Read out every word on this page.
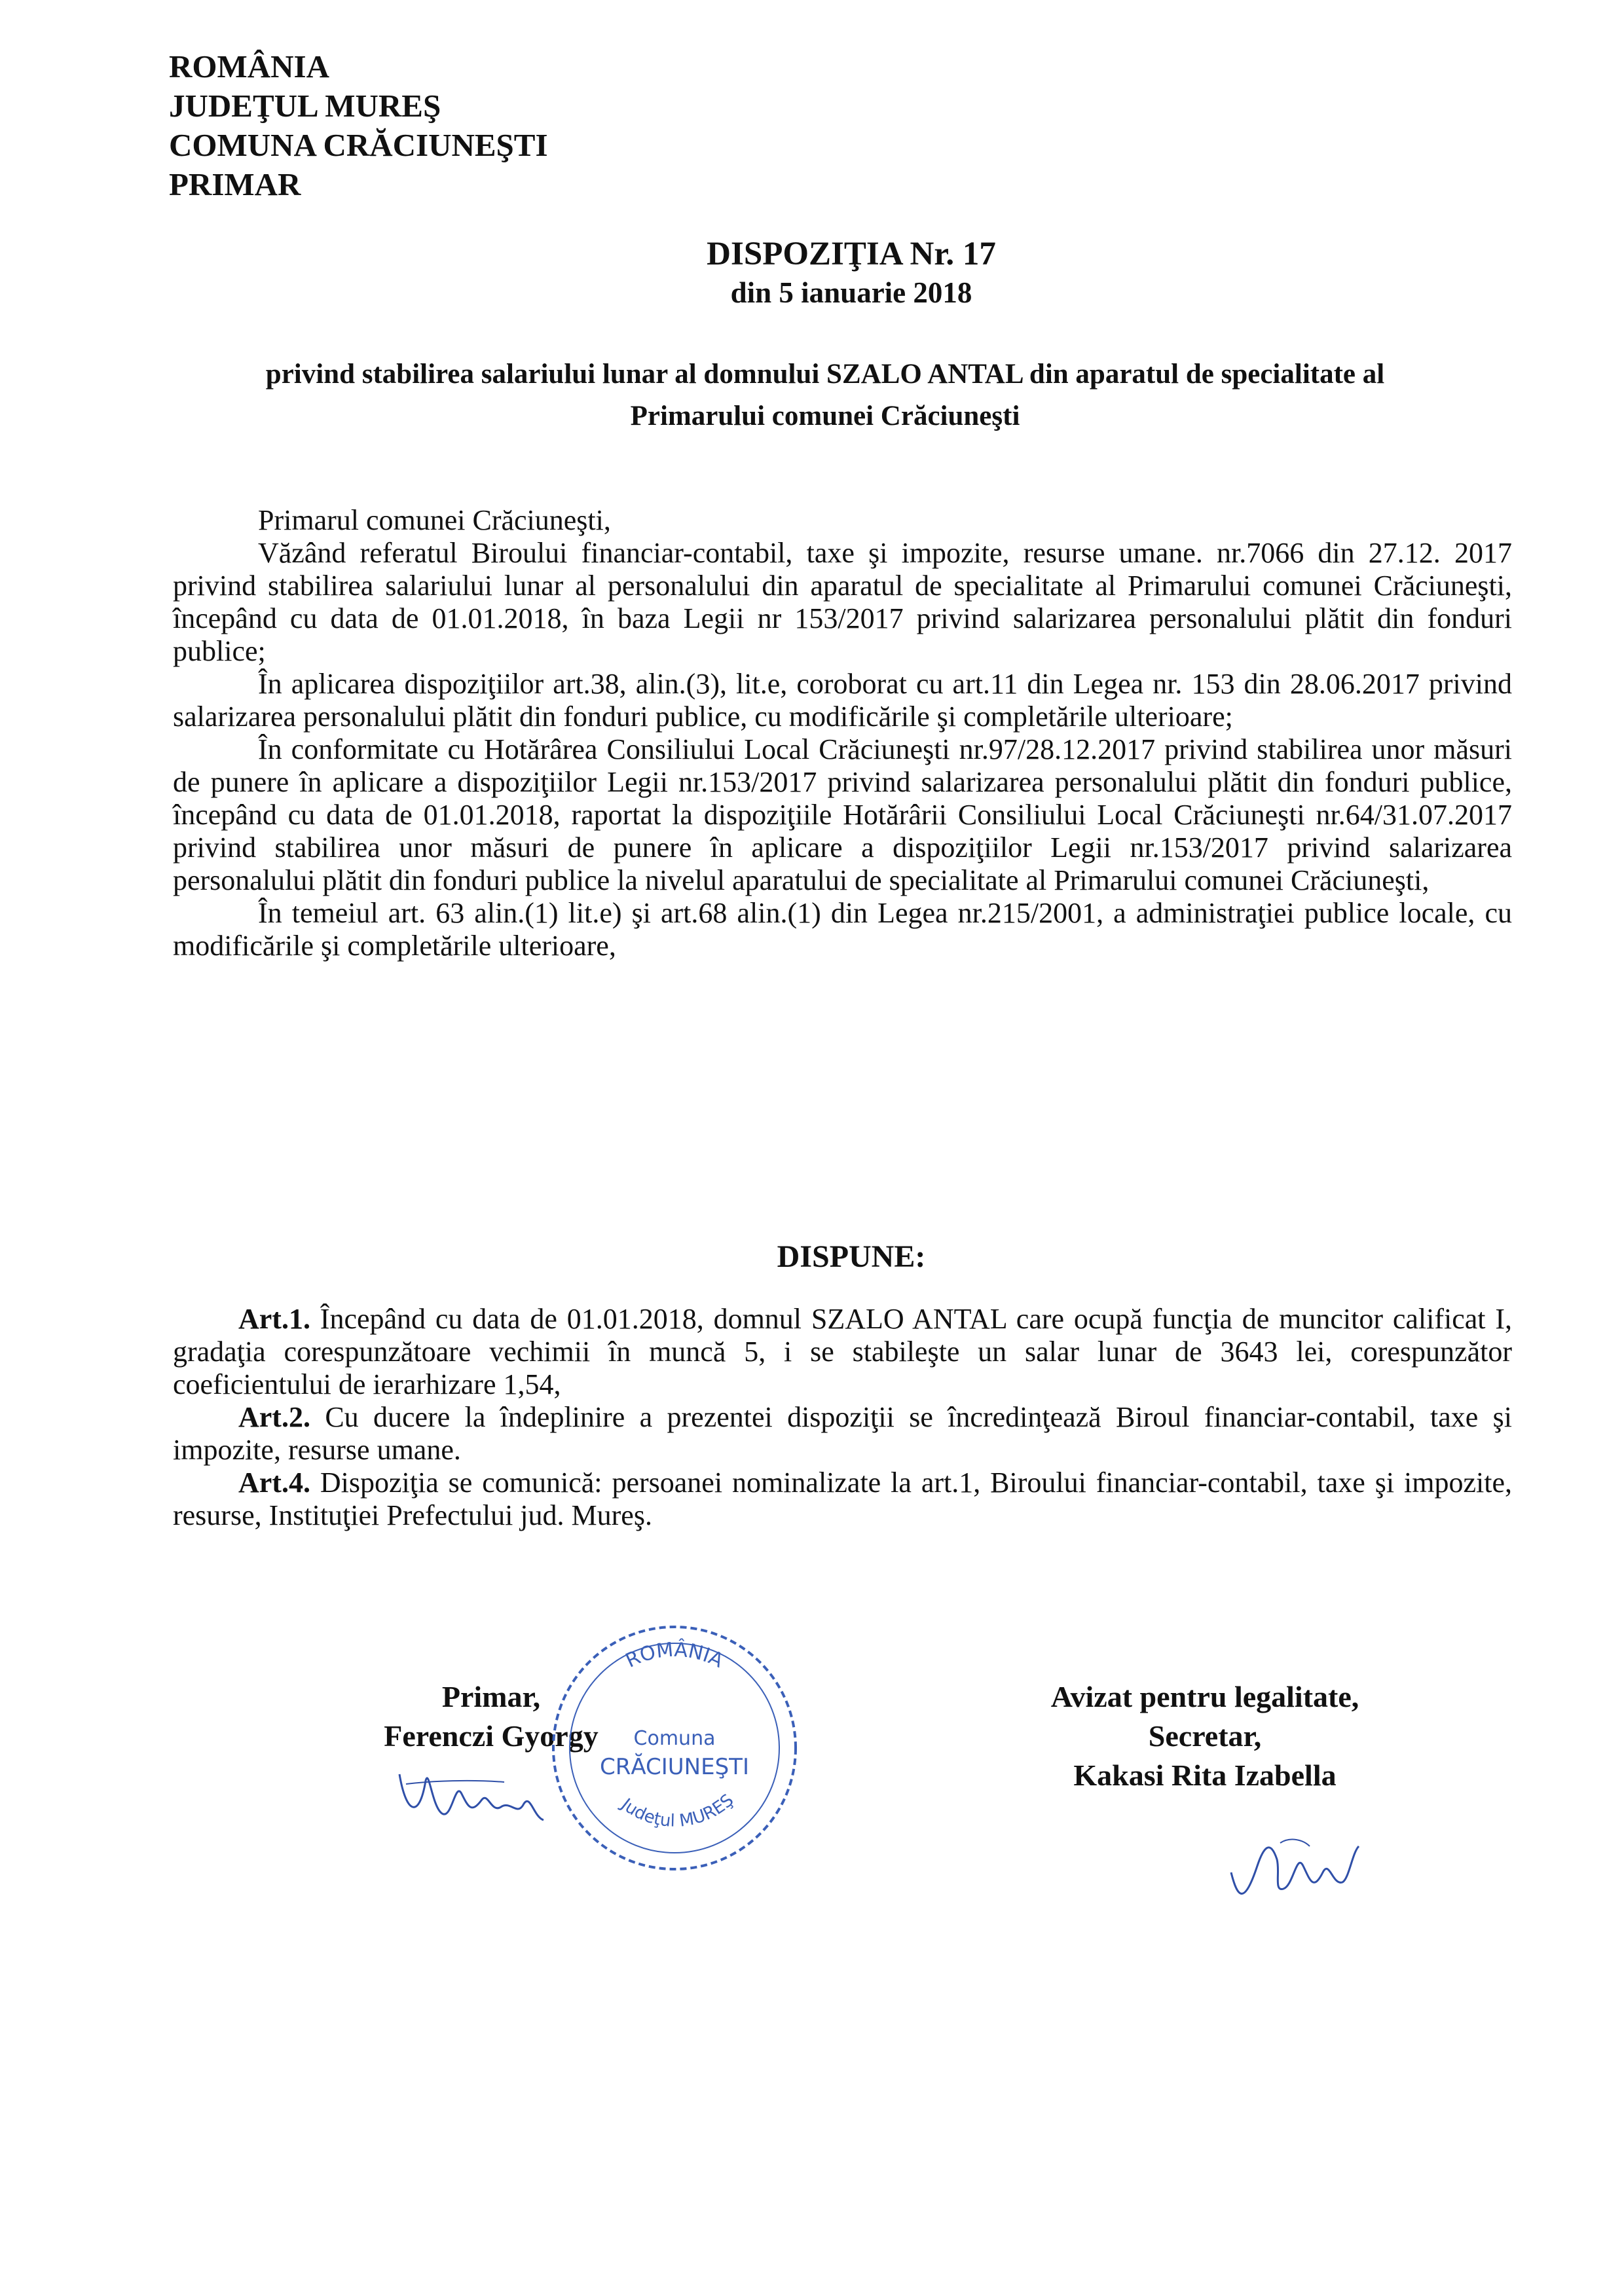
ROMÂNIA
JUDEŢUL MUREŞ
COMUNA CRĂCIUNEŞTI
PRIMAR
DISPOZIŢIA Nr. 17
din 5 ianuarie 2018
privind stabilirea salariului lunar al domnului SZALO ANTAL din aparatul de specialitate al
Primarului comunei Crăciuneşti

Primarul comunei Crăciuneşti,

Văzând referatul Biroului financiar-contabil, taxe şi impozite, resurse umane. nr.7066 din 27.12. 2017 privind stabilirea salariului lunar al personalului din aparatul de specialitate al Primarului comunei Crăciuneşti, începând cu data de 01.01.2018, în baza Legii nr 153/2017 privind salarizarea personalului plătit din fonduri publice;

În aplicarea dispoziţiilor art.38, alin.(3), lit.e, coroborat cu art.11 din Legea nr. 153 din 28.06.2017 privind salarizarea personalului plătit din fonduri publice, cu modificările şi completările ulterioare;

În conformitate cu Hotărârea Consiliului Local Crăciuneşti nr.97/28.12.2017 privind stabilirea unor măsuri de punere în aplicare a dispoziţiilor Legii nr.153/2017 privind salarizarea personalului plătit din fonduri publice, începând cu data de 01.01.2018, raportat la dispoziţiile Hotărârii Consiliului Local Crăciuneşti nr.64/31.07.2017 privind stabilirea unor măsuri de punere în aplicare a dispoziţiilor Legii nr.153/2017 privind salarizarea personalului plătit din fonduri publice la nivelul aparatului de specialitate al Primarului comunei Crăciuneşti,

În temeiul art. 63 alin.(1) lit.e) şi art.68 alin.(1) din Legea nr.215/2001, a administraţiei publice locale, cu modificările şi completările ulterioare,

DISPUNE:

Art.1. Începând cu data de 01.01.2018, domnul SZALO ANTAL care ocupă funcţia de muncitor calificat I, gradaţia corespunzătoare vechimii în muncă 5, i se stabileşte un salar lunar de 3643 lei, corespunzător coeficientului de ierarhizare 1,54,

Art.2. Cu ducere la îndeplinire a prezentei dispoziţii se încredinţează Biroul financiar-contabil, taxe şi impozite, resurse umane.

Art.4. Dispoziţia se comunică: persoanei nominalizate la art.1, Biroului financiar-contabil, taxe şi impozite, resurse, Instituţiei Prefectului jud. Mureş.

Primar,
Ferenczi Gyorgy
ROMÂNIA
Comuna
CRĂCIUNEŞTI
Judeţul MUREŞ
Avizat pentru legalitate,
Secretar,
Kakasi Rita Izabella
